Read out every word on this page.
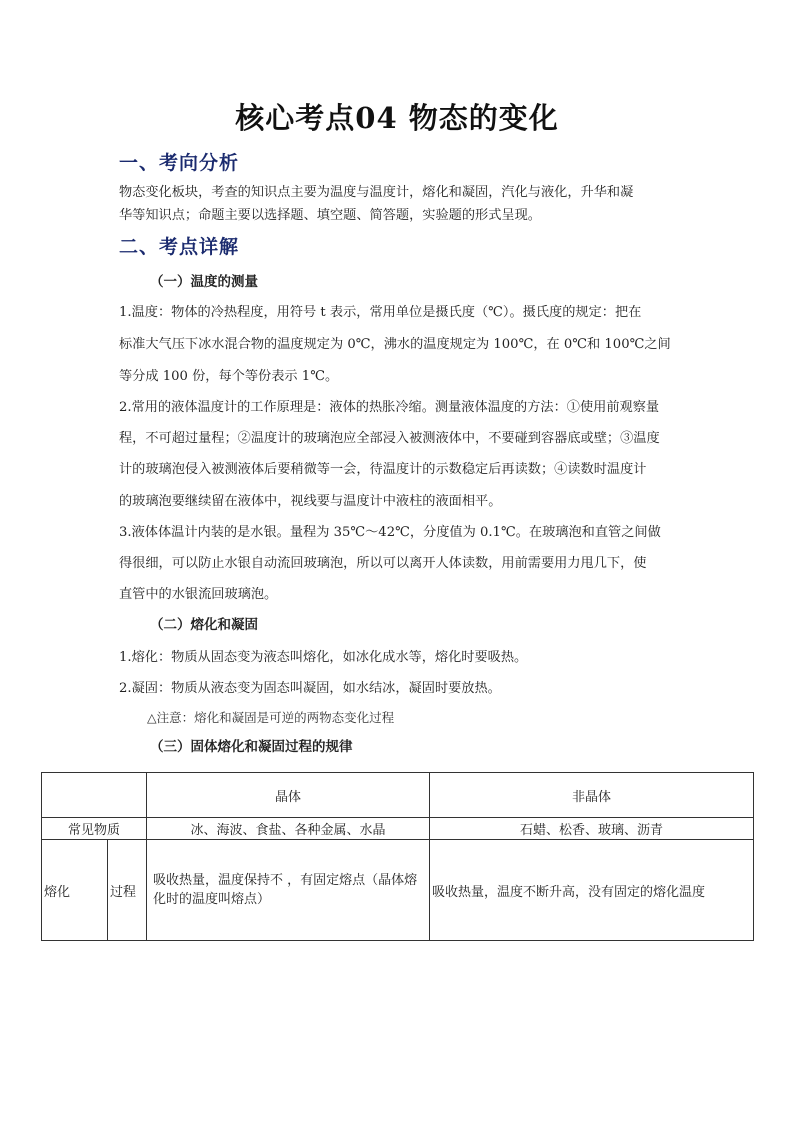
核心考点04 物态的变化
一、考向分析
物态变化板块，考查的知识点主要为温度与温度计，熔化和凝固，汽化与液化，升华和凝
华等知识点；命题主要以选择题、填空题、简答题，实验题的形式呈现。
二、考点详解
（一）温度的测量
1.温度：物体的冷热程度，用符号 t 表示，常用单位是摄氏度（℃）。摄氏度的规定：把在
标准大气压下冰水混合物的温度规定为 0℃，沸水的温度规定为 100℃，在 0℃和 100℃之间
等分成 100 份，每个等份表示 1℃。
2.常用的液体温度计的工作原理是：液体的热胀冷缩。测量液体温度的方法：①使用前观察量
程，不可超过量程；②温度计的玻璃泡应全部浸入被测液体中，不要碰到容器底或壁；③温度
计的玻璃泡侵入被测液体后要稍微等一会，待温度计的示数稳定后再读数；④读数时温度计
的玻璃泡要继续留在液体中，视线要与温度计中液柱的液面相平。
3.液体体温计内装的是水银。量程为 35℃～42℃，分度值为 0.1℃。在玻璃泡和直管之间做
得很细，可以防止水银自动流回玻璃泡，所以可以离开人体读数，用前需要用力甩几下，使
直管中的水银流回玻璃泡。
（二）熔化和凝固
1.熔化：物质从固态变为液态叫熔化，如冰化成水等，熔化时要吸热。
2.凝固：物质从液态变为固态叫凝固，如水结冰，凝固时要放热。
△注意：熔化和凝固是可逆的两物态变化过程
（三）固体熔化和凝固过程的规律
		晶体	非晶体
常见物质		冰、海波、食盐、各种金属、水晶	石蜡、松香、玻璃、沥青
熔化	过程	吸收热量，温度保持不 ，有固定熔点（晶体熔化时的温度叫熔点）	吸收热量，温度不断升高，没有固定的熔化温度
